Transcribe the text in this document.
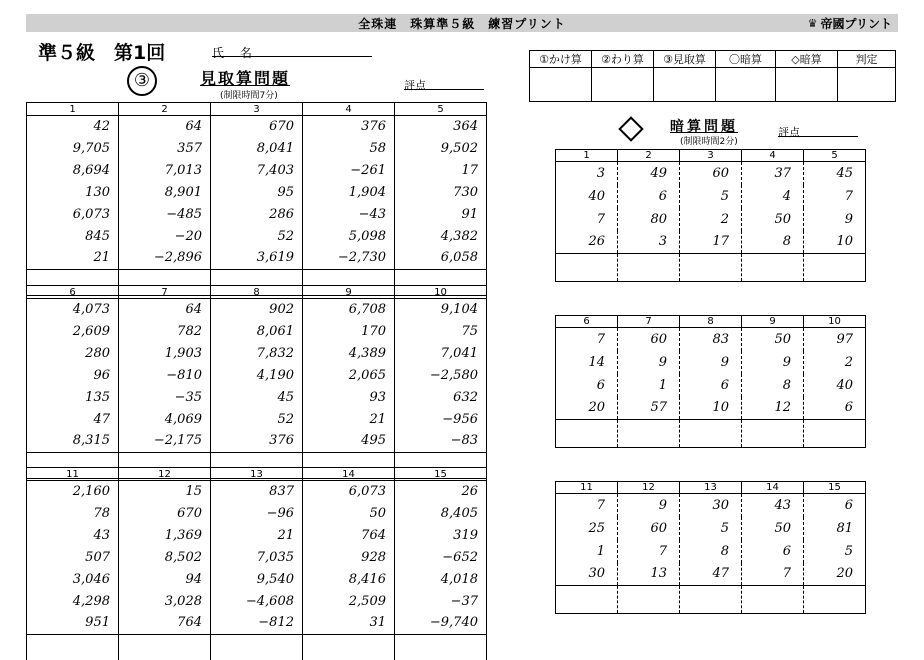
全珠連　珠算準５級　練習プリント	♛ 帝國プリント
準５級　第1回	氏 名	①かけ算	②わり算	③見取算	〇暗算	◇暗算	判定

③	見取算問題
(制限時間7分)
評点
暗算問題
(制限時間2分)
評点
1	2	3	4	5
42	64	670	376	364
9,705	357	8,041	58	9,502
8,694	7,013	7,403	−261	17
130	8,901	95	1,904	730
6,073	−485	286	−43	91
845	−20	52	5,098	4,382
21	−2,896	3,619	−2,730	6,058

6	7	8	9	10
4,073	64	902	6,708	9,104
2,609	782	8,061	170	75
280	1,903	7,832	4,389	7,041
96	−810	4,190	2,065	−2,580
135	−35	45	93	632
47	4,069	52	21	−956
8,315	−2,175	376	495	−83

11	12	13	14	15
2,160	15	837	6,073	26
78	670	−96	50	8,405
43	1,369	21	764	319
507	8,502	7,035	928	−652
3,046	94	9,540	8,416	4,018
4,298	3,028	−4,608	2,509	−37
951	764	−812	31	−9,740

1	2	3	4	5
3	49	60	37	45
40	6	5	4	7
7	80	2	50	9
26	3	17	8	10

6	7	8	9	10
7	60	83	50	97
14	9	9	9	2
6	1	6	8	40
20	57	10	12	6

11	12	13	14	15
7	9	30	43	6
25	60	5	50	81
1	7	8	6	5
30	13	47	7	20
